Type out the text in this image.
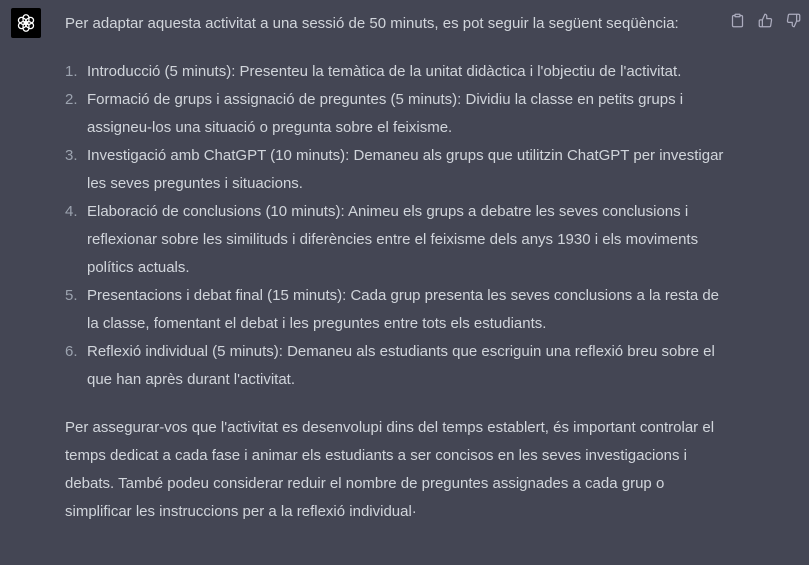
Per adaptar aquesta activitat a una sessió de 50 minuts, es pot seguir la següent seqüència:

1. Introducció (5 minuts): Presenteu la temàtica de la unitat didàctica i l'objectiu de l'activitat.
2. Formació de grups i assignació de preguntes (5 minuts): Dividiu la classe en petits grups i assigneu-los una situació o pregunta sobre el feixisme.
3. Investigació amb ChatGPT (10 minuts): Demaneu als grups que utilitzin ChatGPT per investigar les seves preguntes i situacions.
4. Elaboració de conclusions (10 minuts): Animeu els grups a debatre les seves conclusions i reflexionar sobre les similituds i diferències entre el feixisme dels anys 1930 i els moviments polítics actuals.
5. Presentacions i debat final (15 minuts): Cada grup presenta les seves conclusions a la resta de la classe, fomentant el debat i les preguntes entre tots els estudiants.
6. Reflexió individual (5 minuts): Demaneu als estudiants que escriguin una reflexió breu sobre el que han après durant l'activitat.

Per assegurar-vos que l'activitat es desenvolupi dins del temps establert, és important controlar el temps dedicat a cada fase i animar els estudiants a ser concisos en les seves investigacions i debats. També podeu considerar reduir el nombre de preguntes assignades a cada grup o simplificar les instruccions per a la reflexió individual·
